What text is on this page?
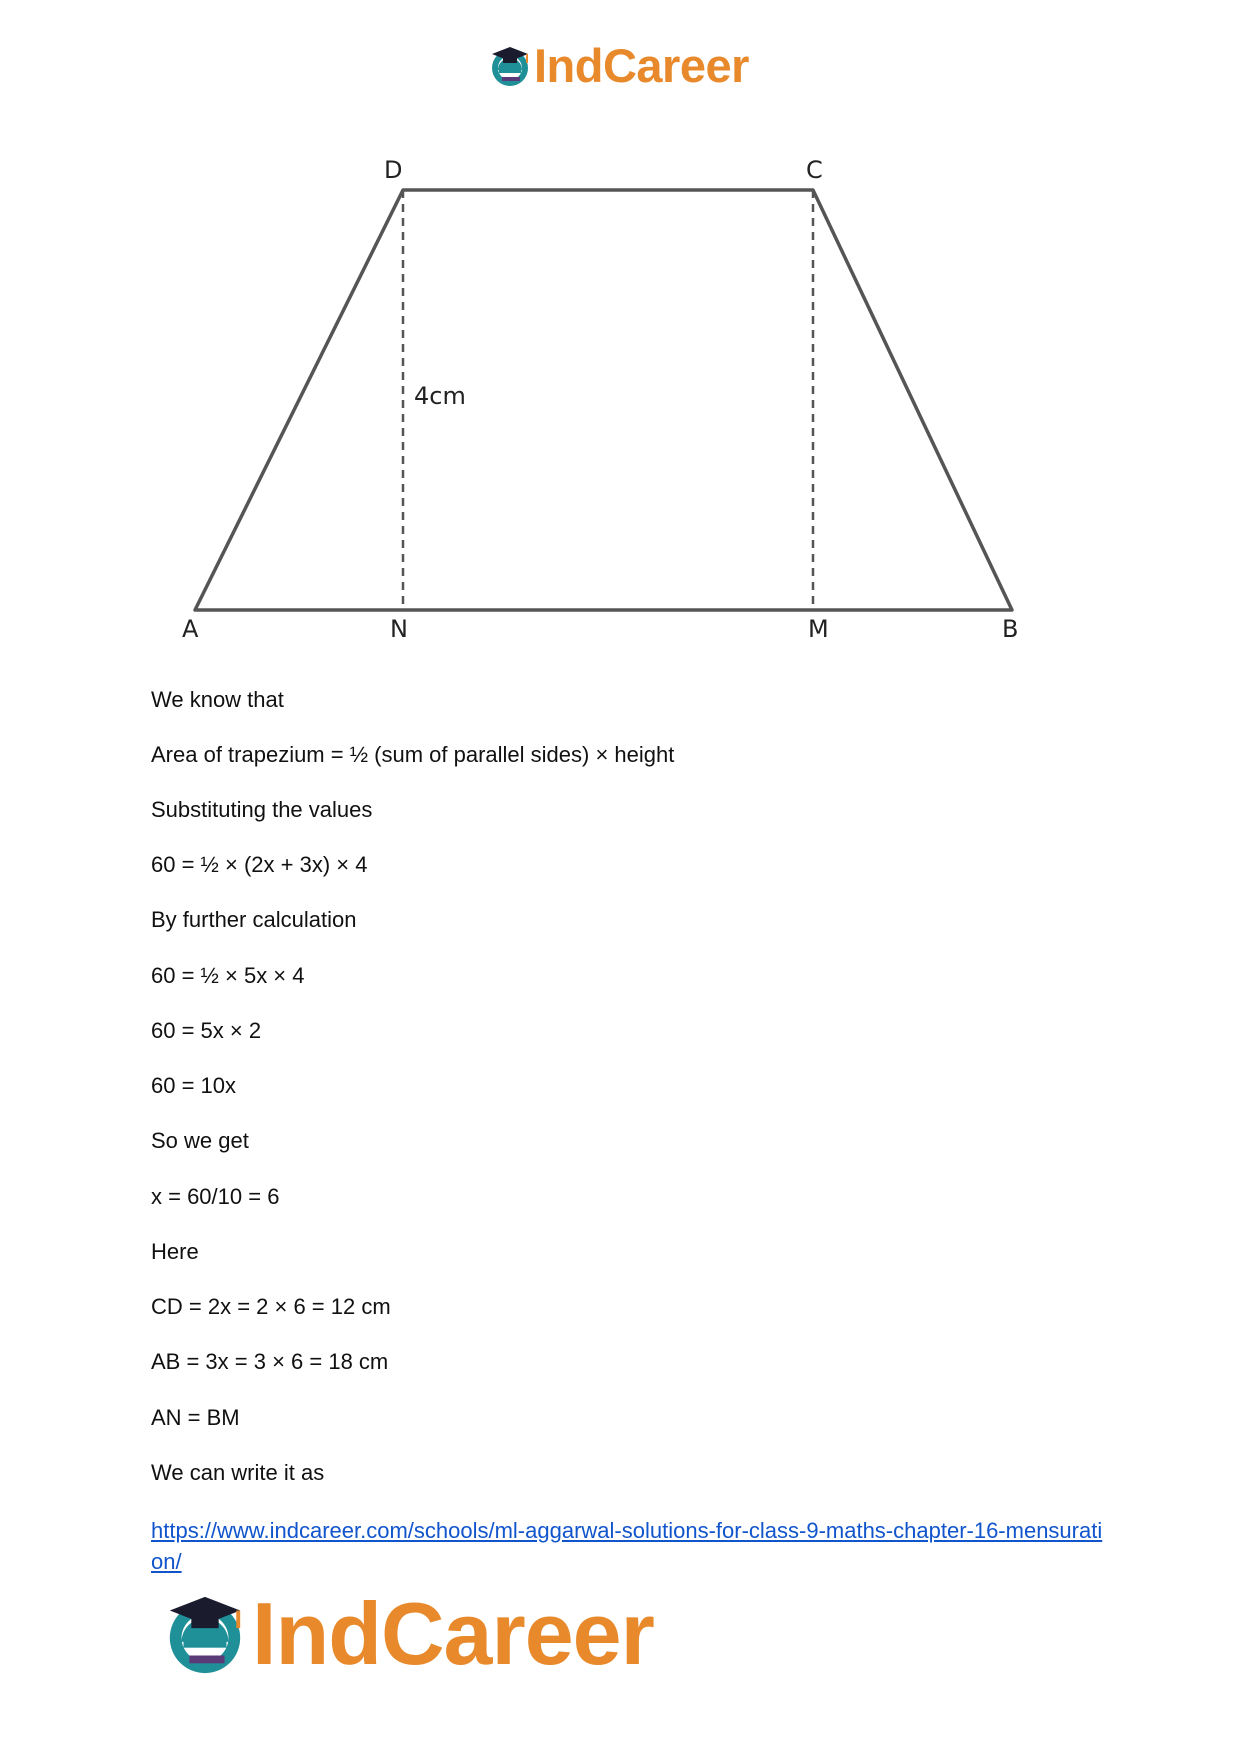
IndCareer
D	C
A	N	M	B
4cm
We know that
Area of trapezium = ½ (sum of parallel sides) × height
Substituting the values
60 = ½ × (2x + 3x) × 4
By further calculation
60 = ½ × 5x × 4
60 = 5x × 2
60 = 10x
So we get
x = 60/10 = 6
Here
CD = 2x = 2 × 6 = 12 cm
AB = 3x = 3 × 6 = 18 cm
AN = BM
We can write it as
https://www.indcareer.com/schools/ml-aggarwal-solutions-for-class-9-maths-chapter-16-mensuration/
IndCareer
